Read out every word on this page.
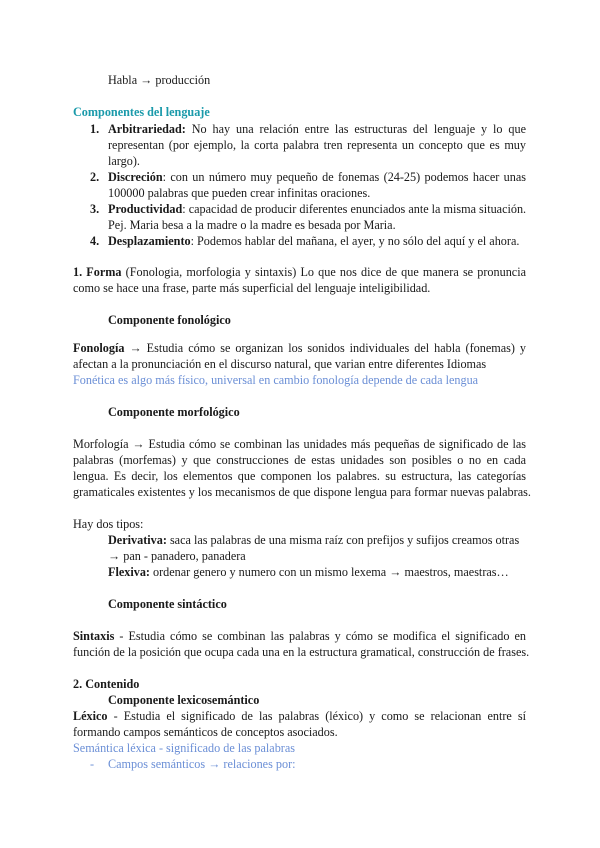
Habla → producción
Componentes del lenguaje
1. Arbitrariedad: No hay una relación entre las estructuras del lenguaje y lo que
representan (por ejemplo, la corta palabra tren representa un concepto que es muy
largo).
2. Discreción: con un número muy pequeño de fonemas (24-25) podemos hacer unas
100000 palabras que pueden crear infinitas oraciones.
3. Productividad: capacidad de producir diferentes enunciados ante la misma situación.
Pej. Maria besa a la madre o la madre es besada por Maria.
4. Desplazamiento: Podemos hablar del mañana, el ayer, y no sólo del aquí y el ahora.
1. Forma (Fonologia, morfologia y sintaxis) Lo que nos dice de que manera se pronuncia
como se hace una frase, parte más superficial del lenguaje inteligibilidad.
Componente fonológico
Fonología → Estudia cómo se organizan los sonidos individuales del habla (fonemas) y
afectan a la pronunciación en el discurso natural, que varian entre diferentes Idiomas
Fonética es algo más físico, universal en cambio fonología depende de cada lengua
Componente morfológico
Morfología → Estudia cómo se combinan las unidades más pequeñas de significado de las
palabras (morfemas) y que construcciones de estas unidades son posibles o no en cada
lengua. Es decir, los elementos que componen los palabres. su estructura, las categorías
gramaticales existentes y los mecanismos de que dispone lengua para formar nuevas palabras.
Hay dos tipos:
Derivativa: saca las palabras de una misma raíz con prefijos y sufijos creamos otras
→ pan - panadero, panadera
Flexiva: ordenar genero y numero con un mismo lexema → maestros, maestras…
Componente sintáctico
Sintaxis - Estudia cómo se combinan las palabras y cómo se modifica el significado en
función de la posición que ocupa cada una en la estructura gramatical, construcción de frases.
2. Contenido
Componente lexicosemántico
Léxico - Estudia el significado de las palabras (léxico) y como se relacionan entre sí
formando campos semánticos de conceptos asociados.
Semántica léxica - significado de las palabras
- Campos semánticos → relaciones por:
